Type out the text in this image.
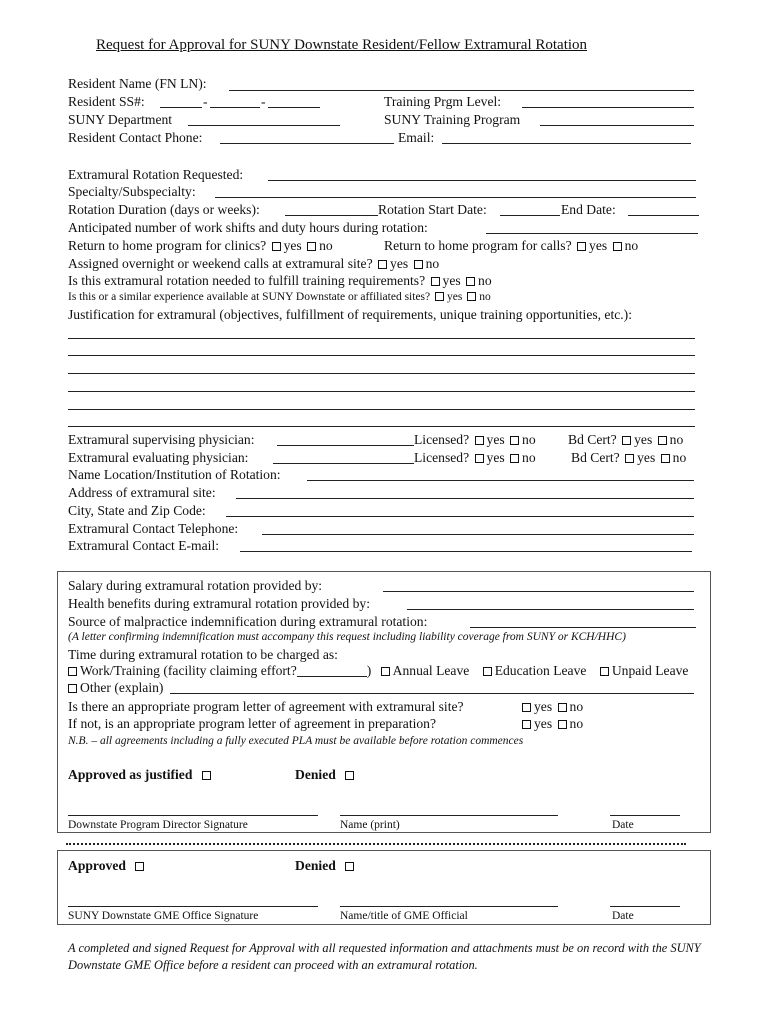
Request for Approval for SUNY Downstate Resident/Fellow Extramural Rotation
Resident Name (FN LN):
Resident SS#:	-	-	Training Prgm Level:
SUNY Department	SUNY Training Program
Resident Contact Phone:	Email:
Extramural Rotation Requested:
Specialty/Subspecialty:
Rotation Duration (days or weeks):	Rotation Start Date:	End Date:
Anticipated number of work shifts and duty hours during rotation:
Return to home program for clinics? yes no	Return to home program for calls? yes no
Assigned overnight or weekend calls at extramural site? yes no
Is this extramural rotation needed to fulfill training requirements? yes no
Is this or a similar experience available at SUNY Downstate or affiliated sites? yes no
Justification for extramural (objectives, fulfillment of requirements, unique training opportunities, etc.):
Extramural supervising physician:	Licensed? yes no Bd Cert? yes no
Extramural evaluating physician:	Licensed? yes no	Bd Cert? yes no
Name Location/Institution of Rotation:
Address of extramural site:
City, State and Zip Code:
Extramural Contact Telephone:
Extramural Contact E-mail:
Salary during extramural rotation provided by:
Health benefits during extramural rotation provided by:
Source of malpractice indemnification during extramural rotation:
(A letter confirming indemnification must accompany this request including liability coverage from SUNY or KCH/HHC)
Time during extramural rotation to be charged as:
Work/Training (facility claiming effort?	) Annual Leave Education Leave Unpaid Leave
Other (explain)
Is there an appropriate program letter of agreement with extramural site?	yes no
If not, is an appropriate program letter of agreement in preparation?	yes no
N.B. – all agreements including a fully executed PLA must be available before rotation commences
Approved as justified	Denied
Downstate Program Director Signature	Name (print)	Date
Approved	Denied
SUNY Downstate GME Office Signature	Name/title of GME Official	Date
A completed and signed Request for Approval with all requested information and attachments must be on record with the SUNY Downstate GME Office before a resident can proceed with an extramural rotation.
